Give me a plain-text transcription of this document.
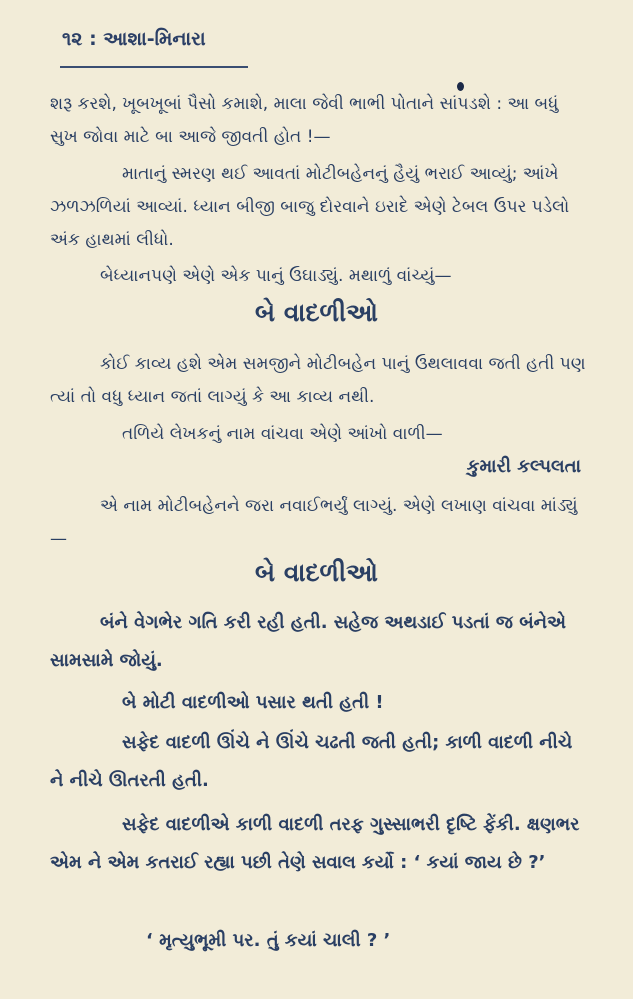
૧૨ : આશા-મિનારા

શરૂ કરશે, ખૂબખૂબાં પૈસો કમાશે, માલા જેવી ભાભી પોતાને સાંપડશે : આ બધું સુખ જોવા માટે બા આજે જીવતી હોત !—

માતાનું સ્મરણ થઈ આવતાં મોટીબહેનનું હૈયું ભરાઈ આવ્યું; આંખે ઝળઝળિયાં આવ્યાં. ધ્યાન બીજી બાજુ દોરવાને ઇરાદે એણે ટેબલ ઉપર પડેલો અંક હાથમાં લીધો.

બેધ્યાનપણે એણે એક પાનું ઉઘાડ્યું. મથાળું વાંચ્યું—

બે વાદળીઓ

કોઈ કાવ્ય હશે એમ સમજીને મોટીબહેન પાનું ઉથલાવવા જતી હતી પણ ત્યાં તો વધુ ધ્યાન જતાં લાગ્યું કે આ કાવ્ય નથી.

તળિયે લેખકનું નામ વાંચવા એણે આંખો વાળી—

કુમારી કલ્પલતા

એ નામ મોટીબહેનને જરા નવાઈભર્યું લાગ્યું. એણે લખાણ વાંચવા માંડ્યું—

બે વાદળીઓ

બંને વેગભેર ગતિ કરી રહી હતી. સહેજ અથડાઈ પડતાં જ બંનેએ સામસામે જોયું.

બે મોટી વાદળીઓ પસાર થતી હતી !

સફેદ વાદળી ઊંચે ને ઊંચે ચઢતી જતી હતી; કાળી વાદળી નીચે ને નીચે ઊતરતી હતી.

સફેદ વાદળીએ કાળી વાદળી તરફ ગુસ્સાભરી દૃષ્ટિ ફેંકી. ક્ષણભર એમ ને એમ કતરાઈ રહ્યા પછી તેણે સવાલ કર્યો : ‘ કયાં જાય છે ?’

‘ મૃત્યુભૂમી પર. તું કયાં ચાલી ? ’
